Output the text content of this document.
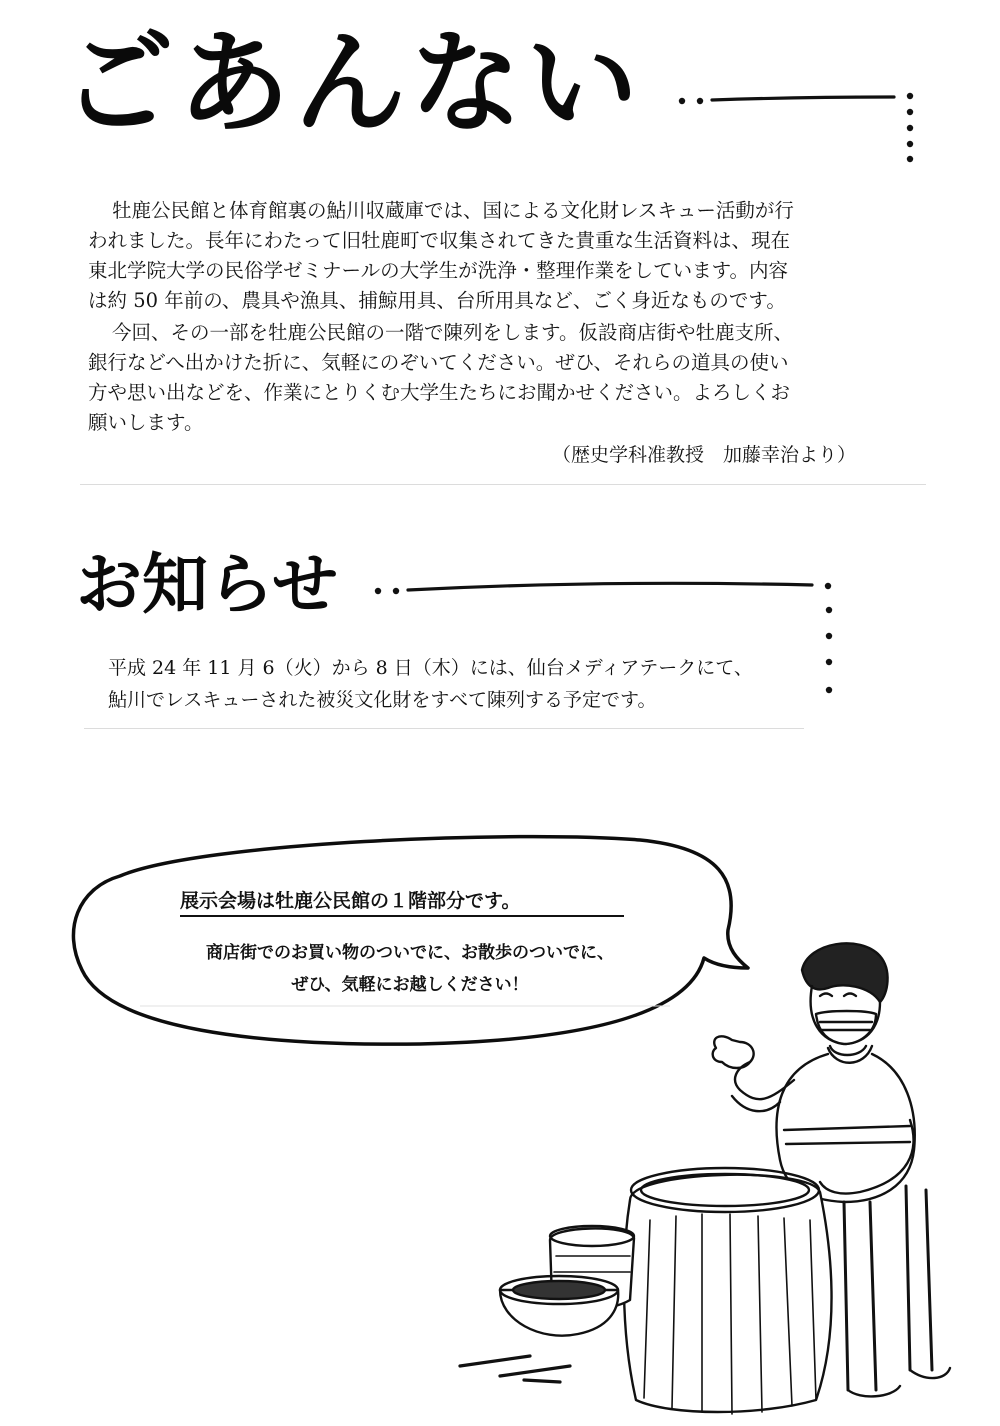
ごあんない
牡鹿公民館と体育館裏の鮎川収蔵庫では、国による文化財レスキュー活動が行
われました。長年にわたって旧牡鹿町で収集されてきた貴重な生活資料は、現在
東北学院大学の民俗学ゼミナールの大学生が洗浄・整理作業をしています。内容
は約 50 年前の、農具や漁具、捕鯨用具、台所用具など、ごく身近なものです。
今回、その一部を牡鹿公民館の一階で陳列をします。仮設商店街や牡鹿支所、
銀行などへ出かけた折に、気軽にのぞいてください。ぜひ、それらの道具の使い
方や思い出などを、作業にとりくむ大学生たちにお聞かせください。よろしくお
願いします。
（歴史学科准教授　加藤幸治より）
お知らせ
平成 24 年 11 月 6（火）から 8 日（木）には、仙台メディアテークにて、
鮎川でレスキューされた被災文化財をすべて陳列する予定です。
展示会場は牡鹿公民館の１階部分です。
商店街でのお買い物のついでに、お散歩のついでに、
ぜひ、気軽にお越しください！
